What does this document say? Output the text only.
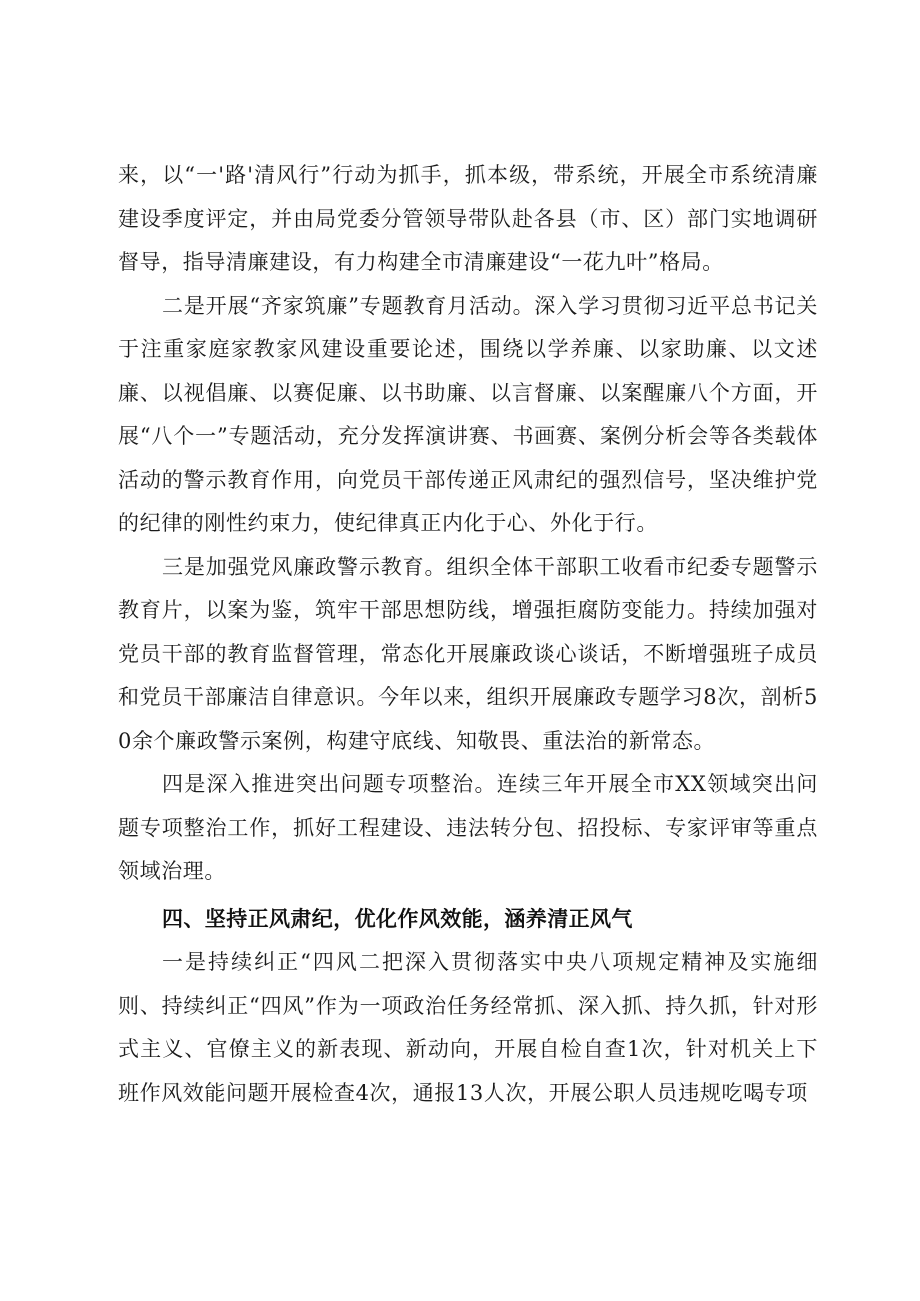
来，以“一'路'清风行”行动为抓手，抓本级，带系统，开展全市系统清廉建设季度评定，并由局党委分管领导带队赴各县（市、区）部门实地调研督导，指导清廉建设，有力构建全市清廉建设“一花九叶”格局。

二是开展“齐家筑廉”专题教育月活动。深入学习贯彻习近平总书记关于注重家庭家教家风建设重要论述，围绕以学养廉、以家助廉、以文述廉、以视倡廉、以赛促廉、以书助廉、以言督廉、以案醒廉八个方面，开展“八个一”专题活动，充分发挥演讲赛、书画赛、案例分析会等各类载体活动的警示教育作用，向党员干部传递正风肃纪的强烈信号，坚决维护党的纪律的刚性约束力，使纪律真正内化于心、外化于行。

三是加强党风廉政警示教育。组织全体干部职工收看市纪委专题警示教育片，以案为鉴，筑牢干部思想防线，增强拒腐防变能力。持续加强对党员干部的教育监督管理，常态化开展廉政谈心谈话，不断增强班子成员和党员干部廉洁自律意识。今年以来，组织开展廉政专题学习8次，剖析50余个廉政警示案例，构建守底线、知敬畏、重法治的新常态。

四是深入推进突出问题专项整治。连续三年开展全市XX领域突出问题专项整治工作，抓好工程建设、违法转分包、招投标、专家评审等重点领域治理。

四、坚持正风肃纪，优化作风效能，涵养清正风气

一是持续纠正“四风二把深入贯彻落实中央八项规定精神及实施细则、持续纠正“四风”作为一项政治任务经常抓、深入抓、持久抓，针对形式主义、官僚主义的新表现、新动向，开展自检自查1次，针对机关上下班作风效能问题开展检查4次，通报13人次，开展公职人员违规吃喝专项
